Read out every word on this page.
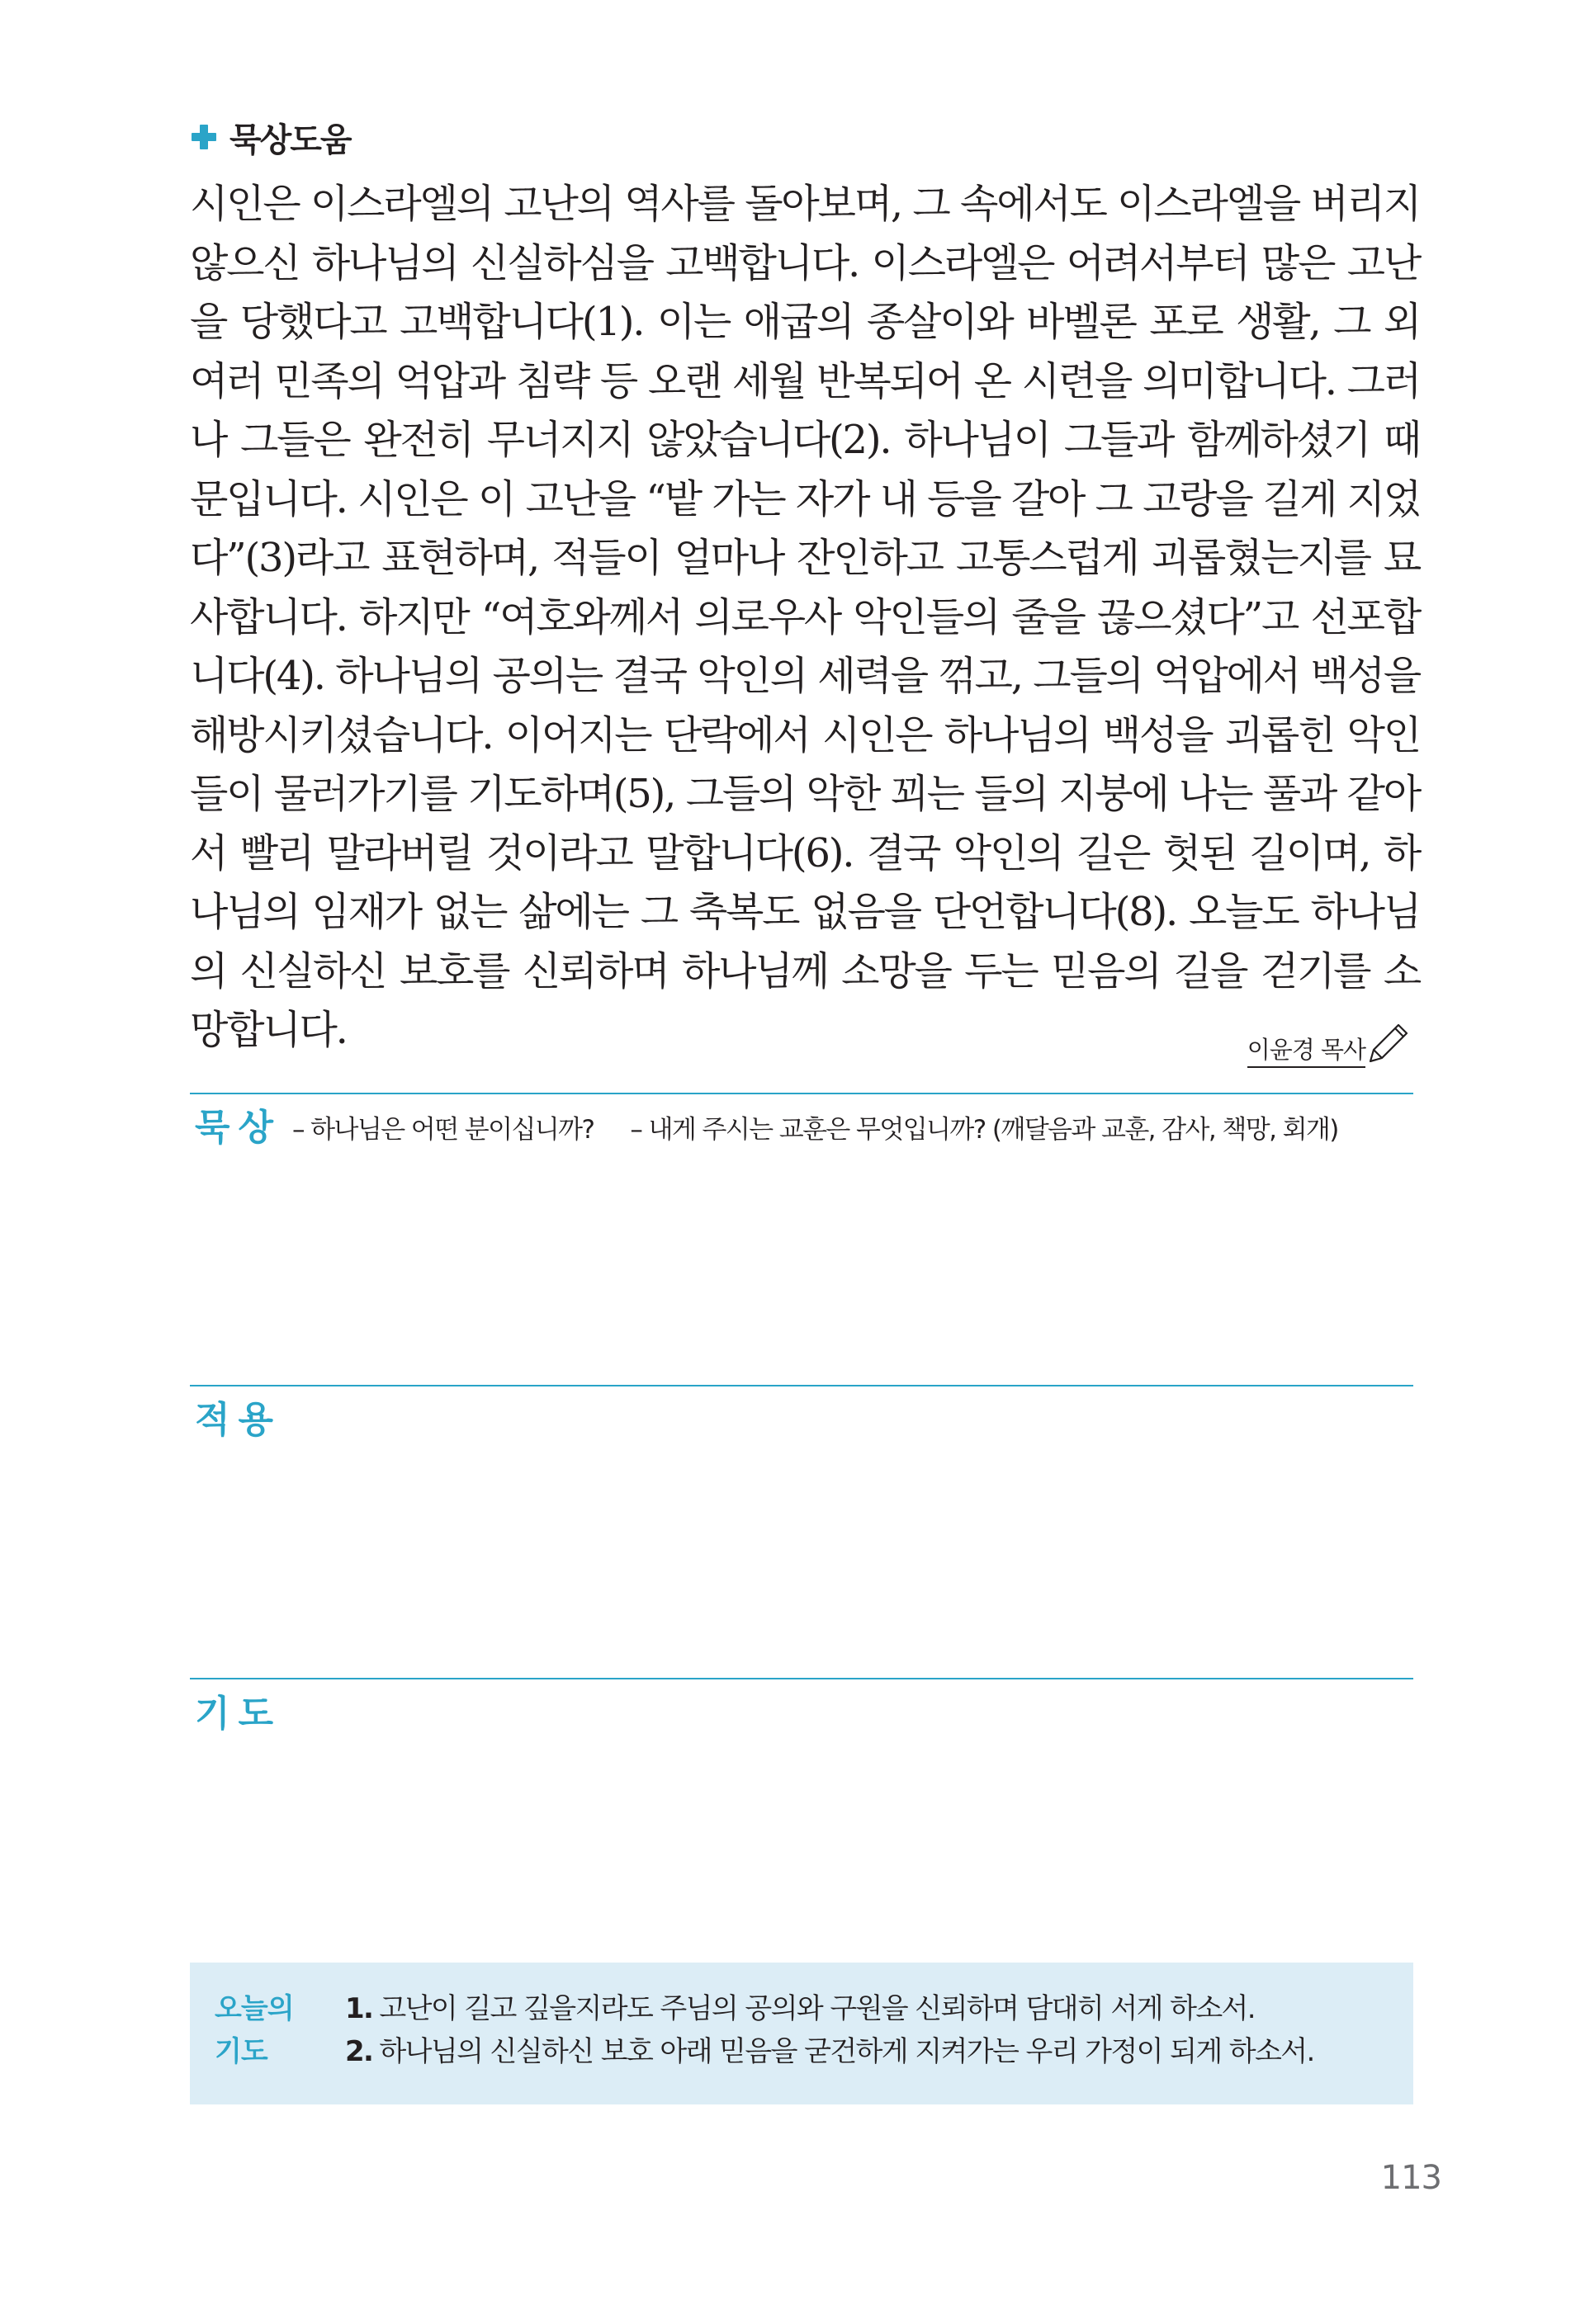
묵상도움

시인은 이스라엘의 고난의 역사를 돌아보며, 그 속에서도 이스라엘을 버리지 않으신 하나님의 신실하심을 고백합니다. 이스라엘은 어려서부터 많은 고난을 당했다고 고백합니다(1). 이는 애굽의 종살이와 바벨론 포로 생활, 그 외 여러 민족의 억압과 침략 등 오랜 세월 반복되어 온 시련을 의미합니다. 그러나 그들은 완전히 무너지지 않았습니다(2). 하나님이 그들과 함께하셨기 때문입니다. 시인은 이 고난을 “밭 가는 자가 내 등을 갈아 그 고랑을 길게 지었다”(3)라고 표현하며, 적들이 얼마나 잔인하고 고통스럽게 괴롭혔는지를 묘사합니다. 하지만 “여호와께서 의로우사 악인들의 줄을 끊으셨다”고 선포합니다(4). 하나님의 공의는 결국 악인의 세력을 꺾고, 그들의 억압에서 백성을 해방시키셨습니다. 이어지는 단락에서 시인은 하나님의 백성을 괴롭힌 악인들이 물러가기를 기도하며(5), 그들의 악한 꾀는 들의 지붕에 나는 풀과 같아서 빨리 말라버릴 것이라고 말합니다(6). 결국 악인의 길은 헛된 길이며, 하나님의 임재가 없는 삶에는 그 축복도 없음을 단언합니다(8). 오늘도 하나님의 신실하신 보호를 신뢰하며 하나님께 소망을 두는 믿음의 길을 걷기를 소망합니다.	이윤경 목사
묵상 – 하나님은 어떤 분이십니까? – 내게 주시는 교훈은 무엇입니까? (깨달음과 교훈, 감사, 책망, 회개)
적용
기도
오늘의
기도
1. 고난이 길고 깊을지라도 주님의 공의와 구원을 신뢰하며 담대히 서게 하소서.
2. 하나님의 신실하신 보호 아래 믿음을 굳건하게 지켜가는 우리 가정이 되게 하소서.
113
